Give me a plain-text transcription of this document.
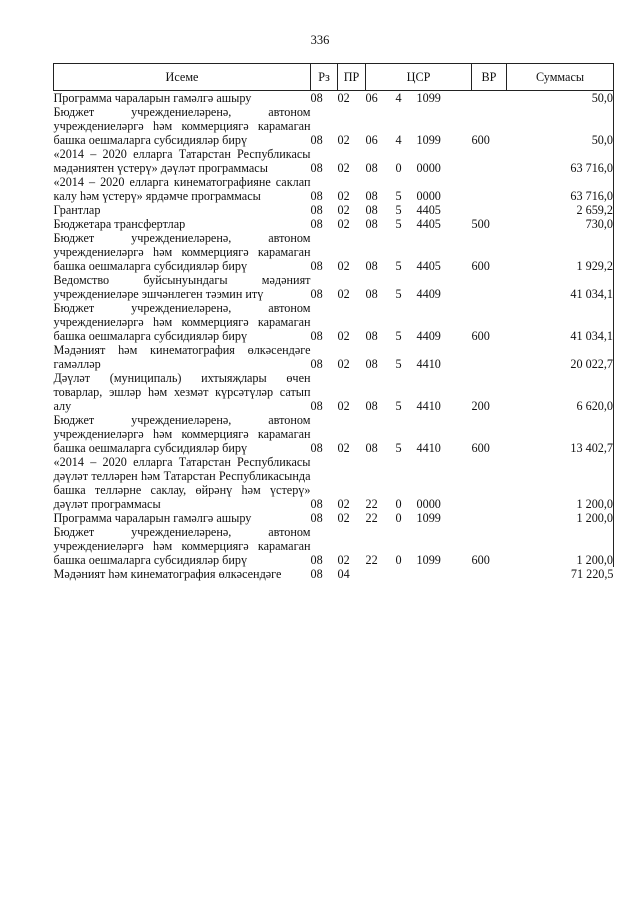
336
Исеме	Рз	ПР	ЦСР			ВР	Суммасы
Программа чараларын гамәлгә ашыру	08	02	06	4	1099		50,0
Бюджет учреждениеләренә, автоном учреждениеләргә һәм коммерциягә карамаган башка оешмаларга субсидияләр бирү	08	02	06	4	1099	600	50,0
«2014 – 2020 елларга Татарстан Республикасы мәдәниятен үстерү» дәүләт программасы	08	02	08	0	0000		63 716,0
«2014 – 2020 елларга кинематографияне саклап калу һәм үстерү» ярдәмче программасы	08	02	08	5	0000		63 716,0
Грантлар	08	02	08	5	4405		2 659,2
Бюджетара трансфертлар	08	02	08	5	4405	500	730,0
Бюджет учреждениеләренә, автоном учреждениеләргә һәм коммерциягә карамаган башка оешмаларга субсидияләр бирү	08	02	08	5	4405	600	1 929,2
Ведомство буйсынуындагы мәдәният учреждениеләре эшчәнлеген тәэмин итү	08	02	08	5	4409		41 034,1
Бюджет учреждениеләренә, автоном учреждениеләргә һәм коммерциягә карамаган башка оешмаларга субсидияләр бирү	08	02	08	5	4409	600	41 034,1
Мәдәният һәм кинематография өлкәсендәге гамәлләр	08	02	08	5	4410		20 022,7
Дәүләт (муниципаль) ихтыяҗлары өчен товарлар, эшләр һәм хезмәт күрсәтүләр сатып алу	08	02	08	5	4410	200	6 620,0
Бюджет учреждениеләренә, автоном учреждениеләргә һәм коммерциягә карамаган башка оешмаларга субсидияләр бирү	08	02	08	5	4410	600	13 402,7
«2014 – 2020 елларга Татарстан Республикасы дәүләт телләрен һәм Татарстан Республикасында башка телләрне саклау, өйрәнү һәм үстерү» дәүләт программасы	08	02	22	0	0000		1 200,0
Программа чараларын гамәлгә ашыру	08	02	22	0	1099		1 200,0
Бюджет учреждениеләренә, автоном учреждениеләргә һәм коммерциягә карамаган башка оешмаларга субсидияләр бирү	08	02	22	0	1099	600	1 200,0
Мәдәният һәм кинематография өлкәсендәге	08	04					71 220,5
